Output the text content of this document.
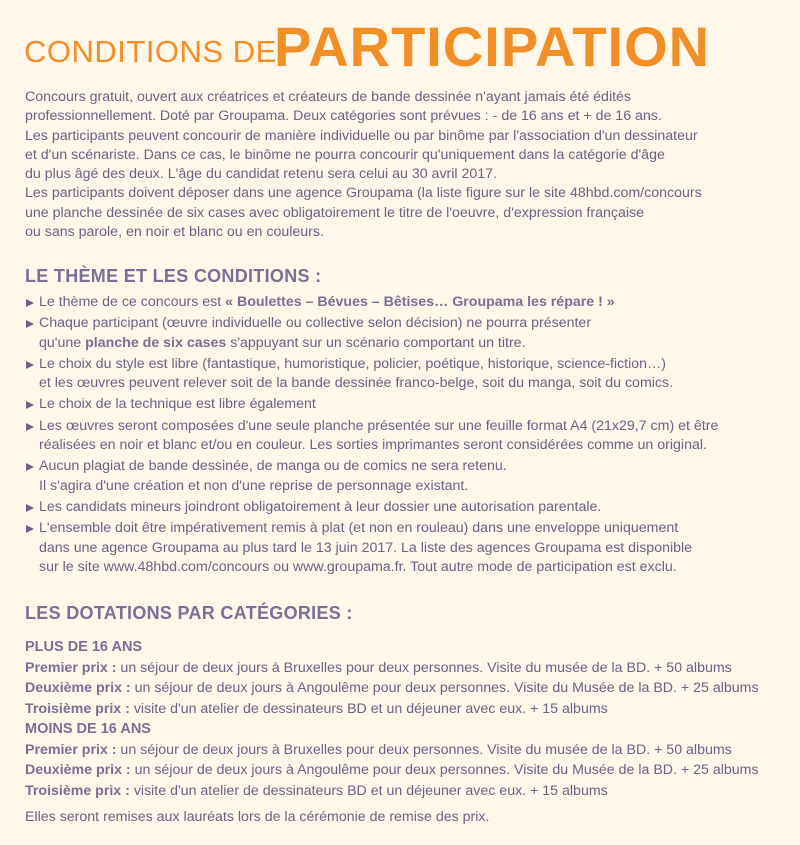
CONDITIONS DE
PARTICIPATION

Concours gratuit, ouvert aux créatrices et créateurs de bande dessinée n'ayant jamais été édités

professionnellement. Doté par Groupama. Deux catégories sont prévues : - de 16 ans et + de 16 ans.

Les participants peuvent concourir de manière individuelle ou par binôme par l'association d'un dessinateur

et d'un scénariste. Dans ce cas, le binôme ne pourra concourir qu'uniquement dans la catégorie d'âge

du plus âgé des deux. L'âge du candidat retenu sera celui au 30 avril 2017.

Les participants doivent déposer dans une agence Groupama (la liste figure sur le site 48hbd.com/concours

une planche dessinée de six cases avec obligatoirement le titre de l'oeuvre, d'expression française

ou sans parole, en noir et blanc ou en couleurs.

LE THÈME ET LES CONDITIONS :
Le thème de ce concours est « Boulettes – Bévues – Bêtises… Groupama les répare ! »
Chaque participant (œuvre individuelle ou collective selon décision) ne pourra présenter
qu'une planche de six cases s'appuyant sur un scénario comportant un titre.
Le choix du style est libre (fantastique, humoristique, policier, poétique, historique, science-fiction…)
et les œuvres peuvent relever soit de la bande dessinée franco-belge, soit du manga, soit du comics.
Le choix de la technique est libre également
Les œuvres seront composées d'une seule planche présentée sur une feuille format A4 (21x29,7 cm) et être
réalisées en noir et blanc et/ou en couleur. Les sorties imprimantes seront considérées comme un original.
Aucun plagiat de bande dessinée, de manga ou de comics ne sera retenu.
Il s'agira d'une création et non d'une reprise de personnage existant.
Les candidats mineurs joindront obligatoirement à leur dossier une autorisation parentale.
L'ensemble doit être impérativement remis à plat (et non en rouleau) dans une enveloppe uniquement
dans une agence Groupama au plus tard le 13 juin 2017. La liste des agences Groupama est disponible
sur le site www.48hbd.com/concours ou www.groupama.fr. Tout autre mode de participation est exclu.
LES DOTATIONS PAR CATÉGORIES :
PLUS DE 16 ANS
Premier prix : un séjour de deux jours à Bruxelles pour deux personnes. Visite du musée de la BD. + 50 albums
Deuxième prix : un séjour de deux jours à Angoulême pour deux personnes. Visite du Musée de la BD. + 25 albums
Troisième prix : visite d'un atelier de dessinateurs BD et un déjeuner avec eux. + 15 albums
MOINS DE 16 ANS
Premier prix : un séjour de deux jours à Bruxelles pour deux personnes. Visite du musée de la BD. + 50 albums
Deuxième prix : un séjour de deux jours à Angoulême pour deux personnes. Visite du Musée de la BD. + 25 albums
Troisième prix : visite d'un atelier de dessinateurs BD et un déjeuner avec eux. + 15 albums
Elles seront remises aux lauréats lors de la cérémonie de remise des prix.
